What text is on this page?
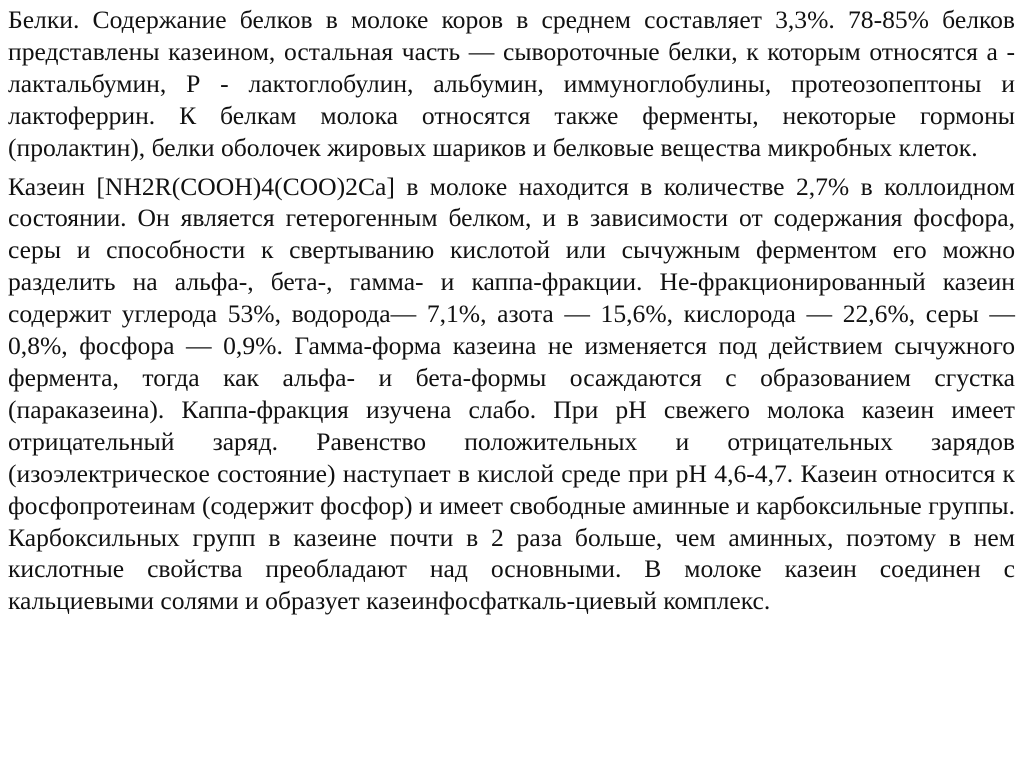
Белки. Содержание белков в молоке коров в среднем составляет 3,3%. 78-85% белков представлены казеином, остальная часть — сывороточные белки, к которым относятся а - лактальбумин, Р - лактоглобулин, альбумин, иммуноглобулины, протеозопептоны и лактоферрин. К белкам молока относятся также ферменты, некоторые гормоны (пролактин), белки оболочек жировых шариков и белковые вещества микробных клеток.

Казеин [NH2R(COOH)4(COO)2Ca] в молоке находится в количестве 2,7% в коллоидном состоянии. Он является гетерогенным белком, и в зависимости от содержания фосфора, серы и способности к свертыванию кислотой или сычужным ферментом его можно разделить на альфа-, бета-, гамма- и каппа-фракции. Не-фракционированный казеин содержит углерода 53%, водорода— 7,1%, азота — 15,6%, кислорода — 22,6%, серы — 0,8%, фосфора — 0,9%. Гамма-форма казеина не изменяется под действием сычужного фермента, тогда как альфа- и бета-формы осаждаются с образованием сгустка (параказеина). Каппа-фракция изучена слабо. При рН свежего молока казеин имеет отрицательный заряд. Равенство положительных и отрицательных зарядов (изоэлектрическое состояние) наступает в кислой среде при рН 4,6-4,7. Казеин относится к фосфопротеинам (содержит фосфор) и имеет свободные аминные и карбоксильные группы. Карбоксильных групп в казеине почти в 2 раза больше, чем аминных, поэтому в нем кислотные свойства преобладают над основными. В молоке казеин соединен с кальциевыми солями и образует казеинфосфаткаль-циевый комплекс.
